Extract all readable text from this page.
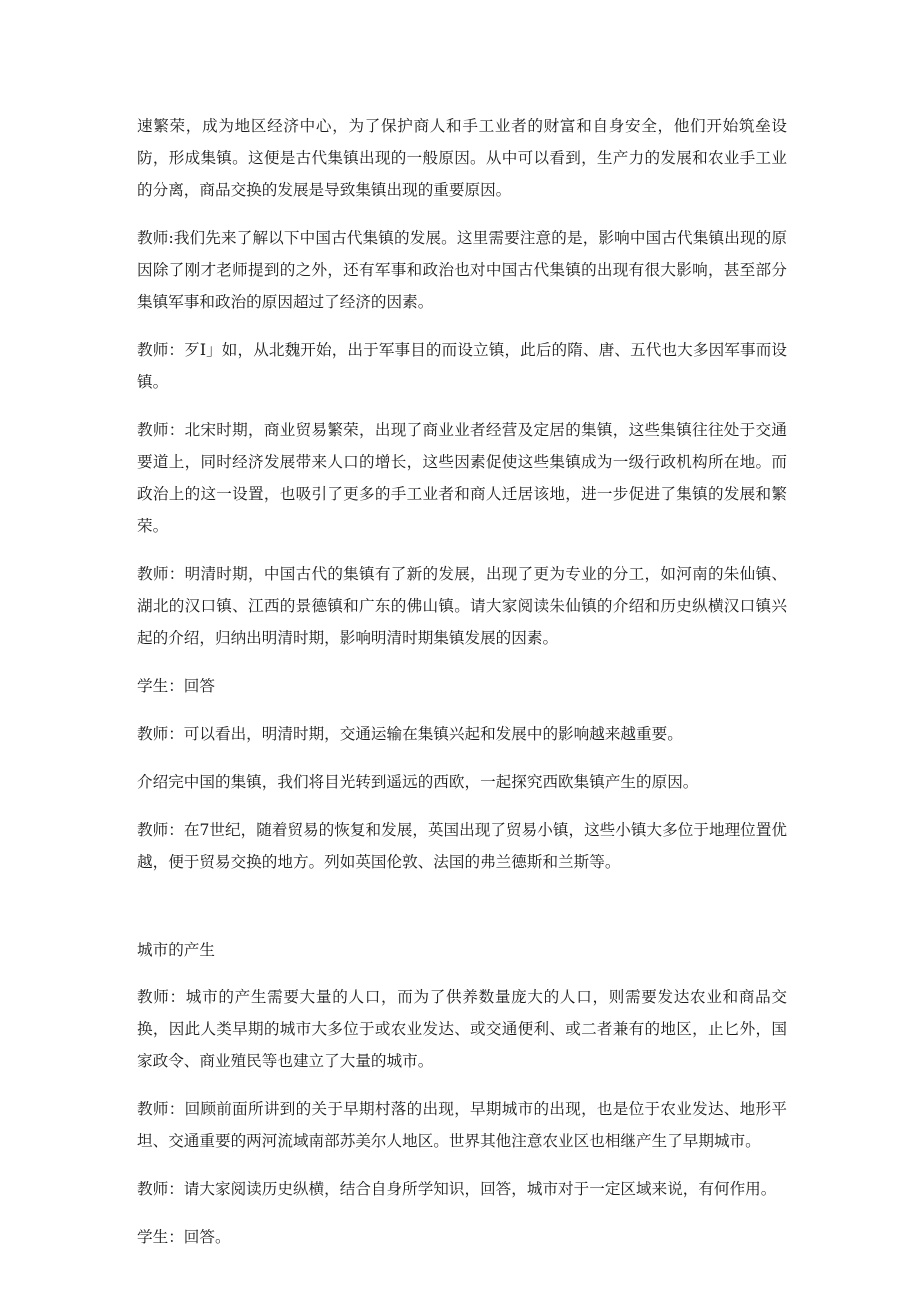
速繁荣，成为地区经济中心，为了保护商人和手工业者的财富和自身安全，他们开始筑垒设防，形成集镇。这便是古代集镇出现的一般原因。从中可以看到，生产力的发展和农业手工业的分离，商品交换的发展是导致集镇出现的重要原因。

教师:我们先来了解以下中国古代集镇的发展。这里需要注意的是，影响中国古代集镇出现的原因除了刚才老师提到的之外，还有军事和政治也对中国古代集镇的出现有很大影响，甚至部分集镇军事和政治的原因超过了经济的因素。

教师：歹I」如，从北魏开始，出于军事目的而设立镇，此后的隋、唐、五代也大多因军事而设镇。

教师：北宋时期，商业贸易繁荣，出现了商业业者经营及定居的集镇，这些集镇往往处于交通要道上，同时经济发展带来人口的增长，这些因素促使这些集镇成为一级行政机构所在地。而政治上的这一设置，也吸引了更多的手工业者和商人迁居该地，进一步促进了集镇的发展和繁荣。

教师：明清时期，中国古代的集镇有了新的发展，出现了更为专业的分工，如河南的朱仙镇、湖北的汉口镇、江西的景德镇和广东的佛山镇。请大家阅读朱仙镇的介绍和历史纵横汉口镇兴起的介绍，归纳出明清时期，影响明清时期集镇发展的因素。

学生：回答

教师：可以看出，明清时期，交通运输在集镇兴起和发展中的影响越来越重要。

介绍完中国的集镇，我们将目光转到遥远的西欧，一起探究西欧集镇产生的原因。

教师：在7世纪，随着贸易的恢复和发展，英国出现了贸易小镇，这些小镇大多位于地理位置优越，便于贸易交换的地方。列如英国伦敦、法国的弗兰德斯和兰斯等。

城市的产生

教师：城市的产生需要大量的人口，而为了供养数量庞大的人口，则需要发达农业和商品交换，因此人类早期的城市大多位于或农业发达、或交通便利、或二者兼有的地区，止匕外，国家政令、商业殖民等也建立了大量的城市。

教师：回顾前面所讲到的关于早期村落的出现，早期城市的出现，也是位于农业发达、地形平坦、交通重要的两河流域南部苏美尔人地区。世界其他注意农业区也相继产生了早期城市。

教师：请大家阅读历史纵横，结合自身所学知识，回答，城市对于一定区域来说，有何作用。

学生：回答。
